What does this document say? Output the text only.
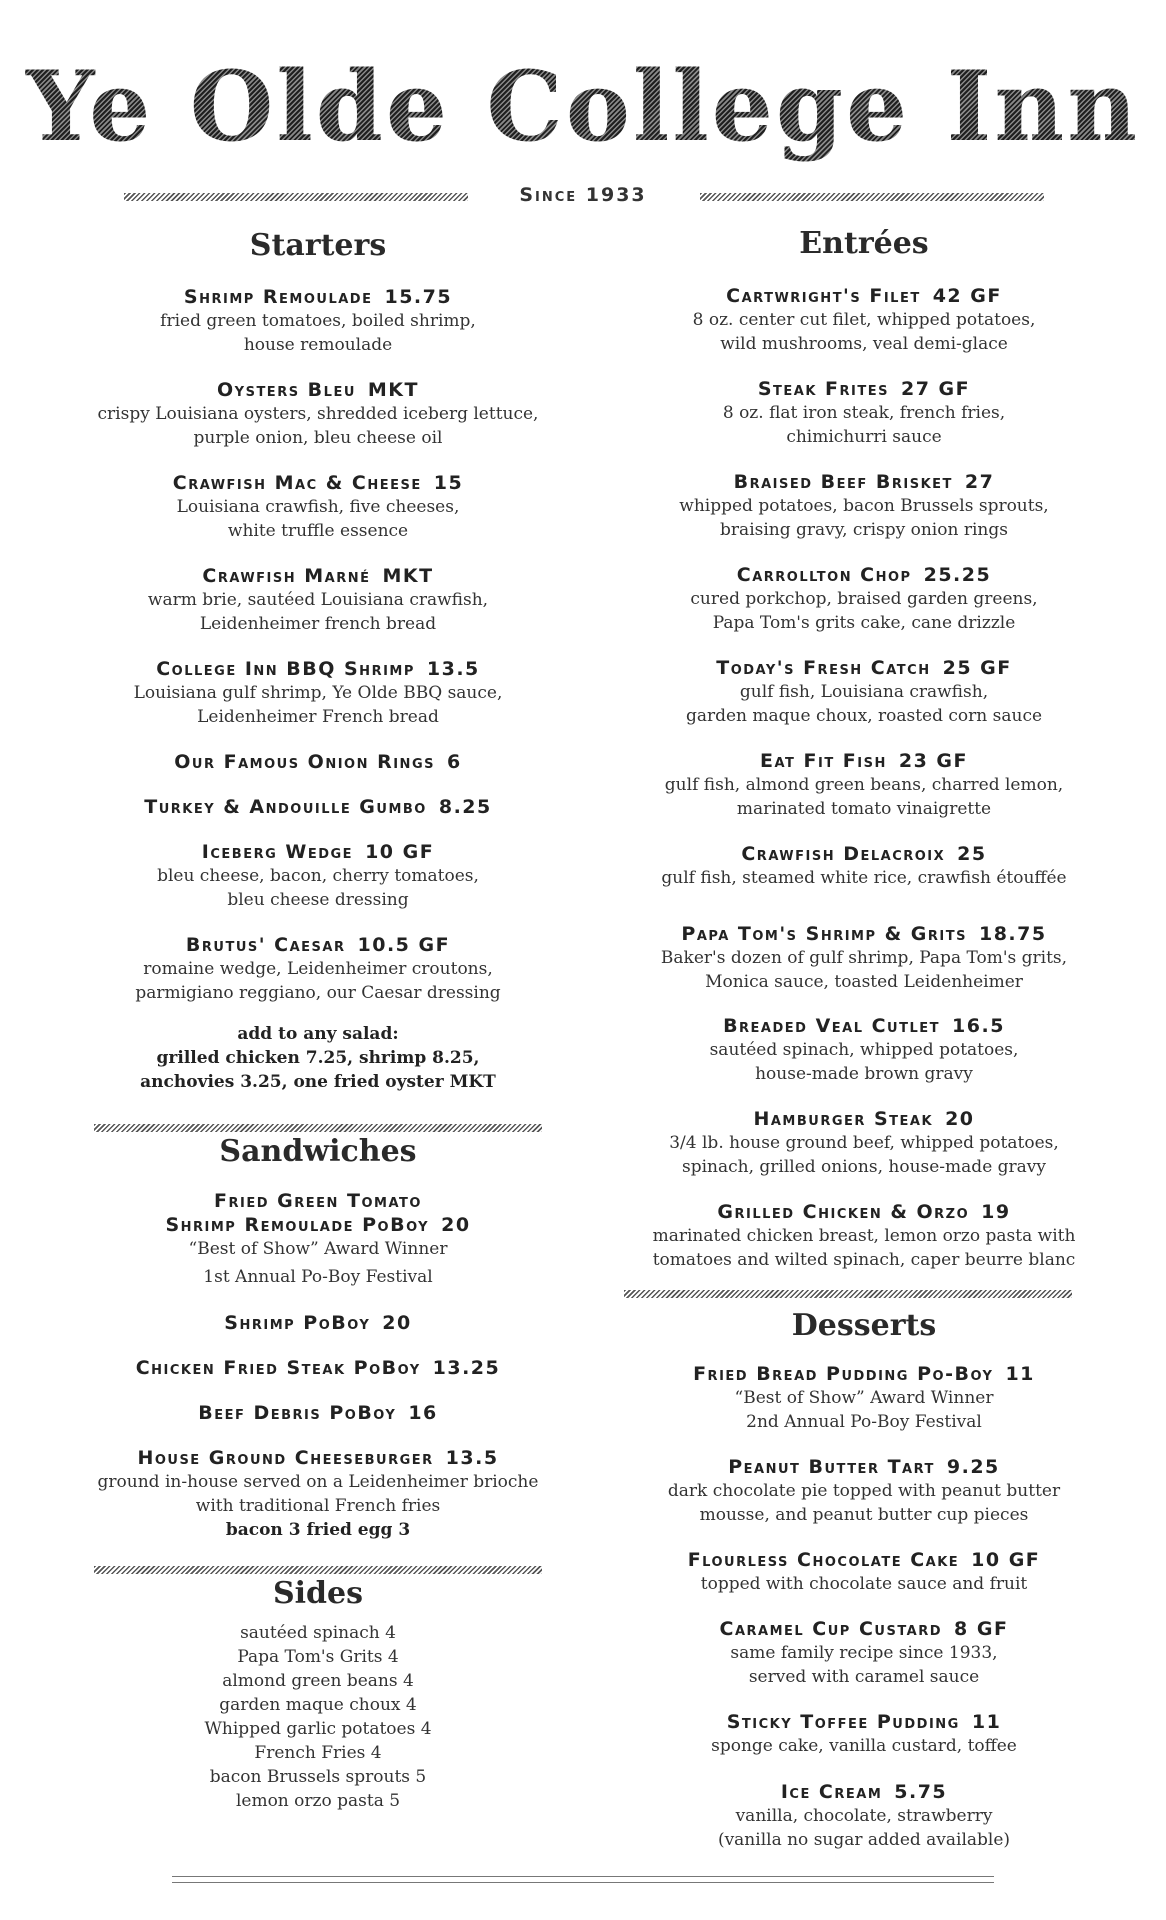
Ye Olde College Inn
Since 1933
Starters
Shrimp Remoulade 15.75
fried green tomatoes, boiled shrimp,
house remoulade
Oysters Bleu MKT
crispy Louisiana oysters, shredded iceberg lettuce,
purple onion, bleu cheese oil
Crawfish Mac & Cheese 15
Louisiana crawfish, five cheeses,
white truffle essence
Crawfish Marné MKT
warm brie, sautéed Louisiana crawfish,
Leidenheimer french bread
College Inn BBQ Shrimp 13.5
Louisiana gulf shrimp, Ye Olde BBQ sauce,
Leidenheimer French bread
Our Famous Onion Rings 6
Turkey & Andouille Gumbo 8.25
Iceberg Wedge 10 GF
bleu cheese, bacon, cherry tomatoes,
bleu cheese dressing
Brutus' Caesar 10.5 GF
romaine wedge, Leidenheimer croutons,
parmigiano reggiano, our Caesar dressing
add to any salad:
grilled chicken 7.25, shrimp 8.25,
anchovies 3.25, one fried oyster MKT
Sandwiches
Fried Green Tomato
Shrimp Remoulade PoBoy 20
“Best of Show” Award Winner
1st Annual Po-Boy Festival
Shrimp PoBoy 20
Chicken Fried Steak PoBoy 13.25
Beef Debris PoBoy 16
House Ground Cheeseburger 13.5
ground in-house served on a Leidenheimer brioche
with traditional French fries
bacon 3 fried egg 3
Sides
sautéed spinach 4
Papa Tom's Grits 4
almond green beans 4
garden maque choux 4
Whipped garlic potatoes 4
French Fries 4
bacon Brussels sprouts 5
lemon orzo pasta 5
Entrées
Cartwright's Filet 42 GF
8 oz. center cut filet, whipped potatoes,
wild mushrooms, veal demi-glace
Steak Frites 27 GF
8 oz. flat iron steak, french fries,
chimichurri sauce
Braised Beef Brisket 27
whipped potatoes, bacon Brussels sprouts,
braising gravy, crispy onion rings
Carrollton Chop 25.25
cured porkchop, braised garden greens,
Papa Tom's grits cake, cane drizzle
Today's Fresh Catch 25 GF
gulf fish, Louisiana crawfish,
garden maque choux, roasted corn sauce
Eat Fit Fish 23 GF
gulf fish, almond green beans, charred lemon,
marinated tomato vinaigrette
Crawfish Delacroix 25
gulf fish, steamed white rice, crawfish étouffée
Papa Tom's Shrimp & Grits 18.75
Baker's dozen of gulf shrimp, Papa Tom's grits,
Monica sauce, toasted Leidenheimer
Breaded Veal Cutlet 16.5
sautéed spinach, whipped potatoes,
house-made brown gravy
Hamburger Steak 20
3/4 lb. house ground beef, whipped potatoes,
spinach, grilled onions, house-made gravy
Grilled Chicken & Orzo 19
marinated chicken breast, lemon orzo pasta with
tomatoes and wilted spinach, caper beurre blanc
Desserts
Fried Bread Pudding Po-Boy 11
“Best of Show” Award Winner
2nd Annual Po-Boy Festival
Peanut Butter Tart 9.25
dark chocolate pie topped with peanut butter
mousse, and peanut butter cup pieces
Flourless Chocolate Cake 10 GF
topped with chocolate sauce and fruit
Caramel Cup Custard 8 GF
same family recipe since 1933,
served with caramel sauce
Sticky Toffee Pudding 11
sponge cake, vanilla custard, toffee
Ice Cream 5.75
vanilla, chocolate, strawberry
(vanilla no sugar added available)
